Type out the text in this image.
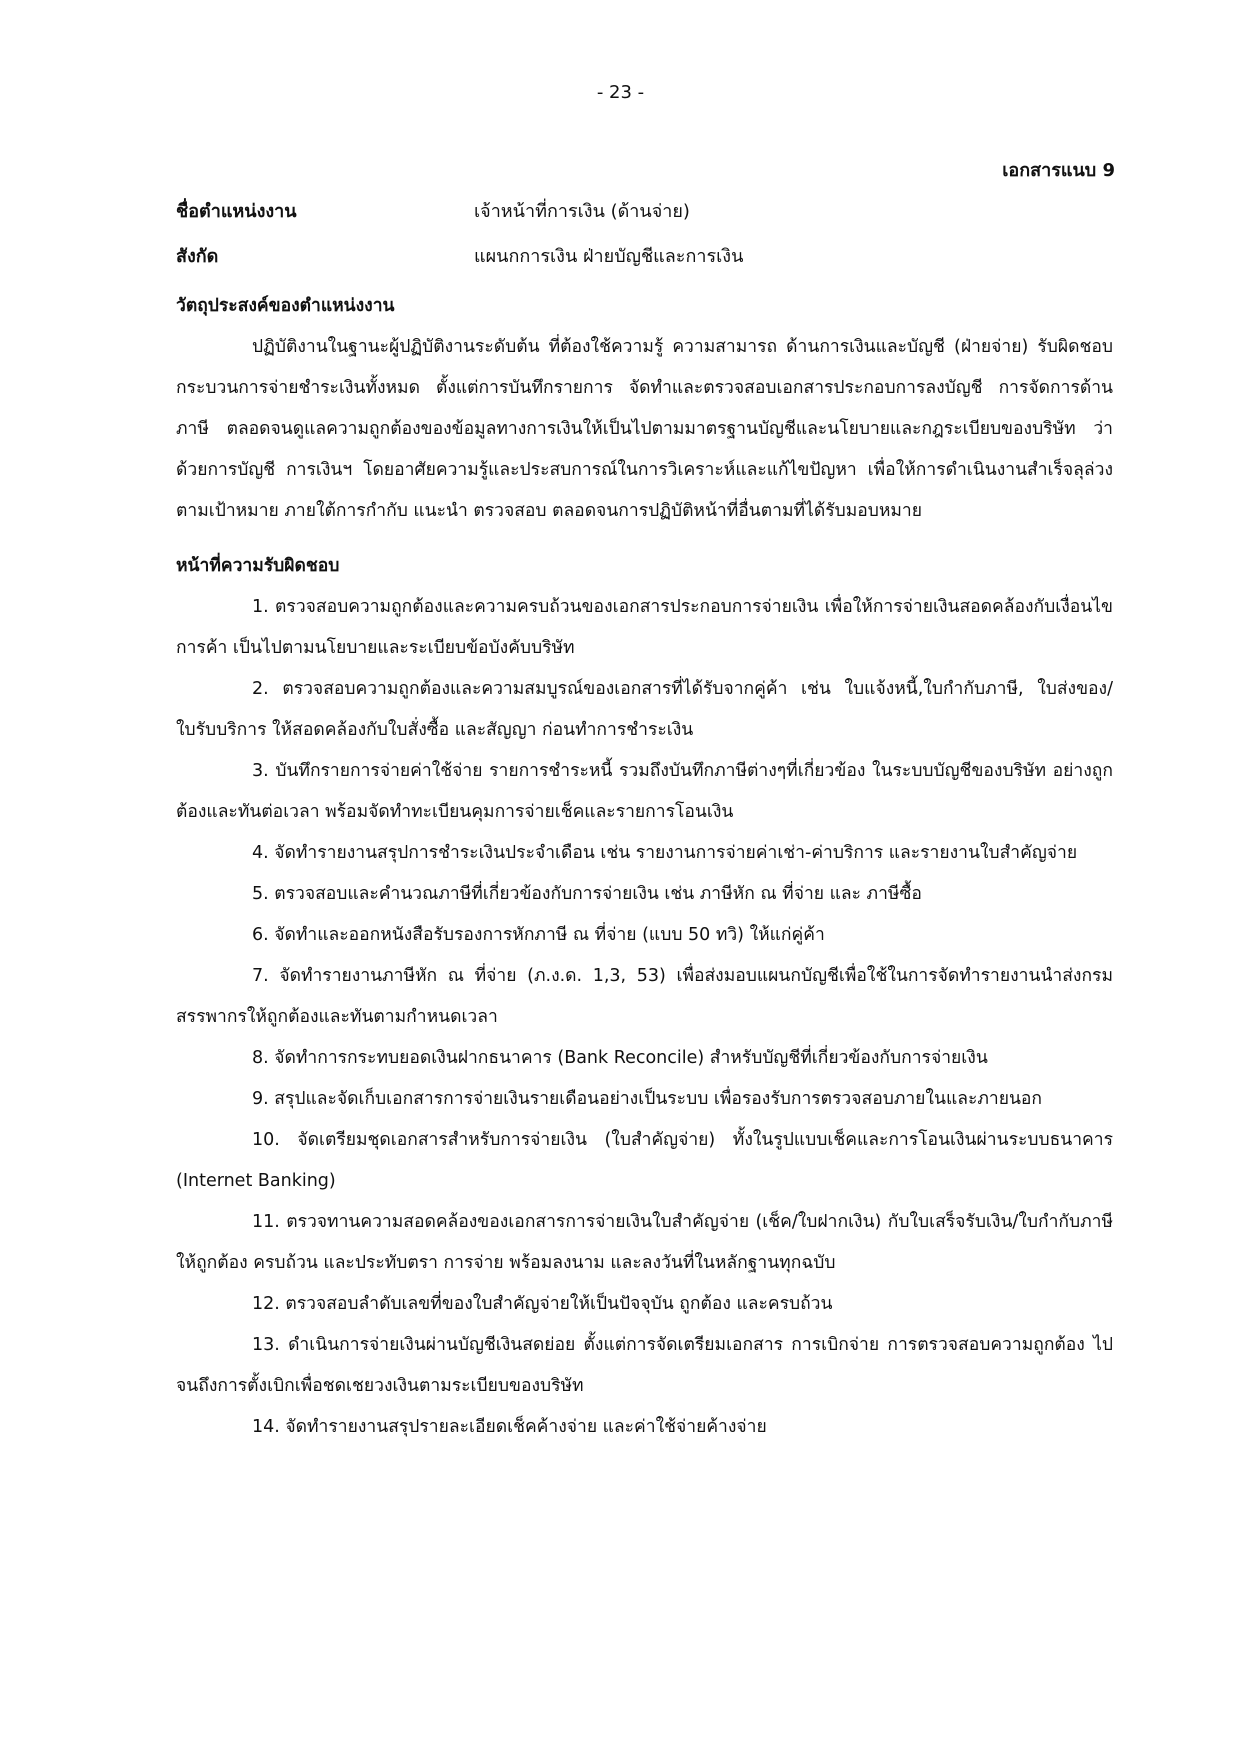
- 23 -
เอกสารแนบ 9
ชื่อตำแหน่งงาน	เจ้าหน้าที่การเงิน (ด้านจ่าย)
สังกัด	แผนกการเงิน ฝ่ายบัญชีและการเงิน

วัตถุประสงค์ของตำแหน่งงาน

ปฏิบัติงานในฐานะผู้ปฏิบัติงานระดับต้น ที่ต้องใช้ความรู้ ความสามารถ ด้านการเงินและบัญชี (ฝ่ายจ่าย) รับผิดชอบกระบวนการจ่ายชำระเงินทั้งหมด ตั้งแต่การบันทึกรายการ จัดทำและตรวจสอบเอกสารประกอบการลงบัญชี การจัดการด้านภาษี ตลอดจนดูแลความถูกต้องของข้อมูลทางการเงินให้เป็นไปตามมาตรฐานบัญชีและนโยบายและกฎระเบียบของบริษัท ว่าด้วยการบัญชี การเงินฯ โดยอาศัยความรู้และประสบการณ์ในการวิเคราะห์และแก้ไขปัญหา เพื่อให้การดำเนินงานสำเร็จลุล่วงตามเป้าหมาย ภายใต้การกำกับ แนะนำ ตรวจสอบ ตลอดจนการปฏิบัติหน้าที่อื่นตามที่ได้รับมอบหมาย

หน้าที่ความรับผิดชอบ

1. ตรวจสอบความถูกต้องและความครบถ้วนของเอกสารประกอบการจ่ายเงิน เพื่อให้การจ่ายเงินสอดคล้องกับเงื่อนไขการค้า เป็นไปตามนโยบายและระเบียบข้อบังคับบริษัท

2. ตรวจสอบความถูกต้องและความสมบูรณ์ของเอกสารที่ได้รับจากคู่ค้า เช่น ใบแจ้งหนี้,ใบกำกับภาษี, ใบส่งของ/ใบรับบริการ ให้สอดคล้องกับใบสั่งซื้อ และสัญญา ก่อนทำการชำระเงิน

3. บันทึกรายการจ่ายค่าใช้จ่าย รายการชำระหนี้ รวมถึงบันทึกภาษีต่างๆที่เกี่ยวข้อง ในระบบบัญชีของบริษัท อย่างถูกต้องและทันต่อเวลา พร้อมจัดทำทะเบียนคุมการจ่ายเช็คและรายการโอนเงิน

4. จัดทำรายงานสรุปการชำระเงินประจำเดือน เช่น รายงานการจ่ายค่าเช่า-ค่าบริการ และรายงานใบสำคัญจ่าย

5. ตรวจสอบและคำนวณภาษีที่เกี่ยวข้องกับการจ่ายเงิน เช่น ภาษีหัก ณ ที่จ่าย และ ภาษีซื้อ

6. จัดทำและออกหนังสือรับรองการหักภาษี ณ ที่จ่าย (แบบ 50 ทวิ) ให้แก่คู่ค้า

7. จัดทำรายงานภาษีหัก ณ ที่จ่าย (ภ.ง.ด. 1,3, 53) เพื่อส่งมอบแผนกบัญชีเพื่อใช้ในการจัดทำรายงานนำส่งกรมสรรพากรให้ถูกต้องและทันตามกำหนดเวลา

8. จัดทำการกระทบยอดเงินฝากธนาคาร (Bank Reconcile) สำหรับบัญชีที่เกี่ยวข้องกับการจ่ายเงิน

9. สรุปและจัดเก็บเอกสารการจ่ายเงินรายเดือนอย่างเป็นระบบ เพื่อรองรับการตรวจสอบภายในและภายนอก

10. จัดเตรียมชุดเอกสารสำหรับการจ่ายเงิน (ใบสำคัญจ่าย) ทั้งในรูปแบบเช็คและการโอนเงินผ่านระบบธนาคาร (Internet Banking)

11. ตรวจทานความสอดคล้องของเอกสารการจ่ายเงินใบสำคัญจ่าย (เช็ค/ใบฝากเงิน) กับใบเสร็จรับเงิน/ใบกำกับภาษี ให้ถูกต้อง ครบถ้วน และประทับตรา การจ่าย พร้อมลงนาม และลงวันที่ในหลักฐานทุกฉบับ

12. ตรวจสอบลำดับเลขที่ของใบสำคัญจ่ายให้เป็นปัจจุบัน ถูกต้อง และครบถ้วน

13. ดำเนินการจ่ายเงินผ่านบัญชีเงินสดย่อย ตั้งแต่การจัดเตรียมเอกสาร การเบิกจ่าย การตรวจสอบความถูกต้อง ไปจนถึงการตั้งเบิกเพื่อชดเชยวงเงินตามระเบียบของบริษัท

14. จัดทำรายงานสรุปรายละเอียดเช็คค้างจ่าย และค่าใช้จ่ายค้างจ่าย
